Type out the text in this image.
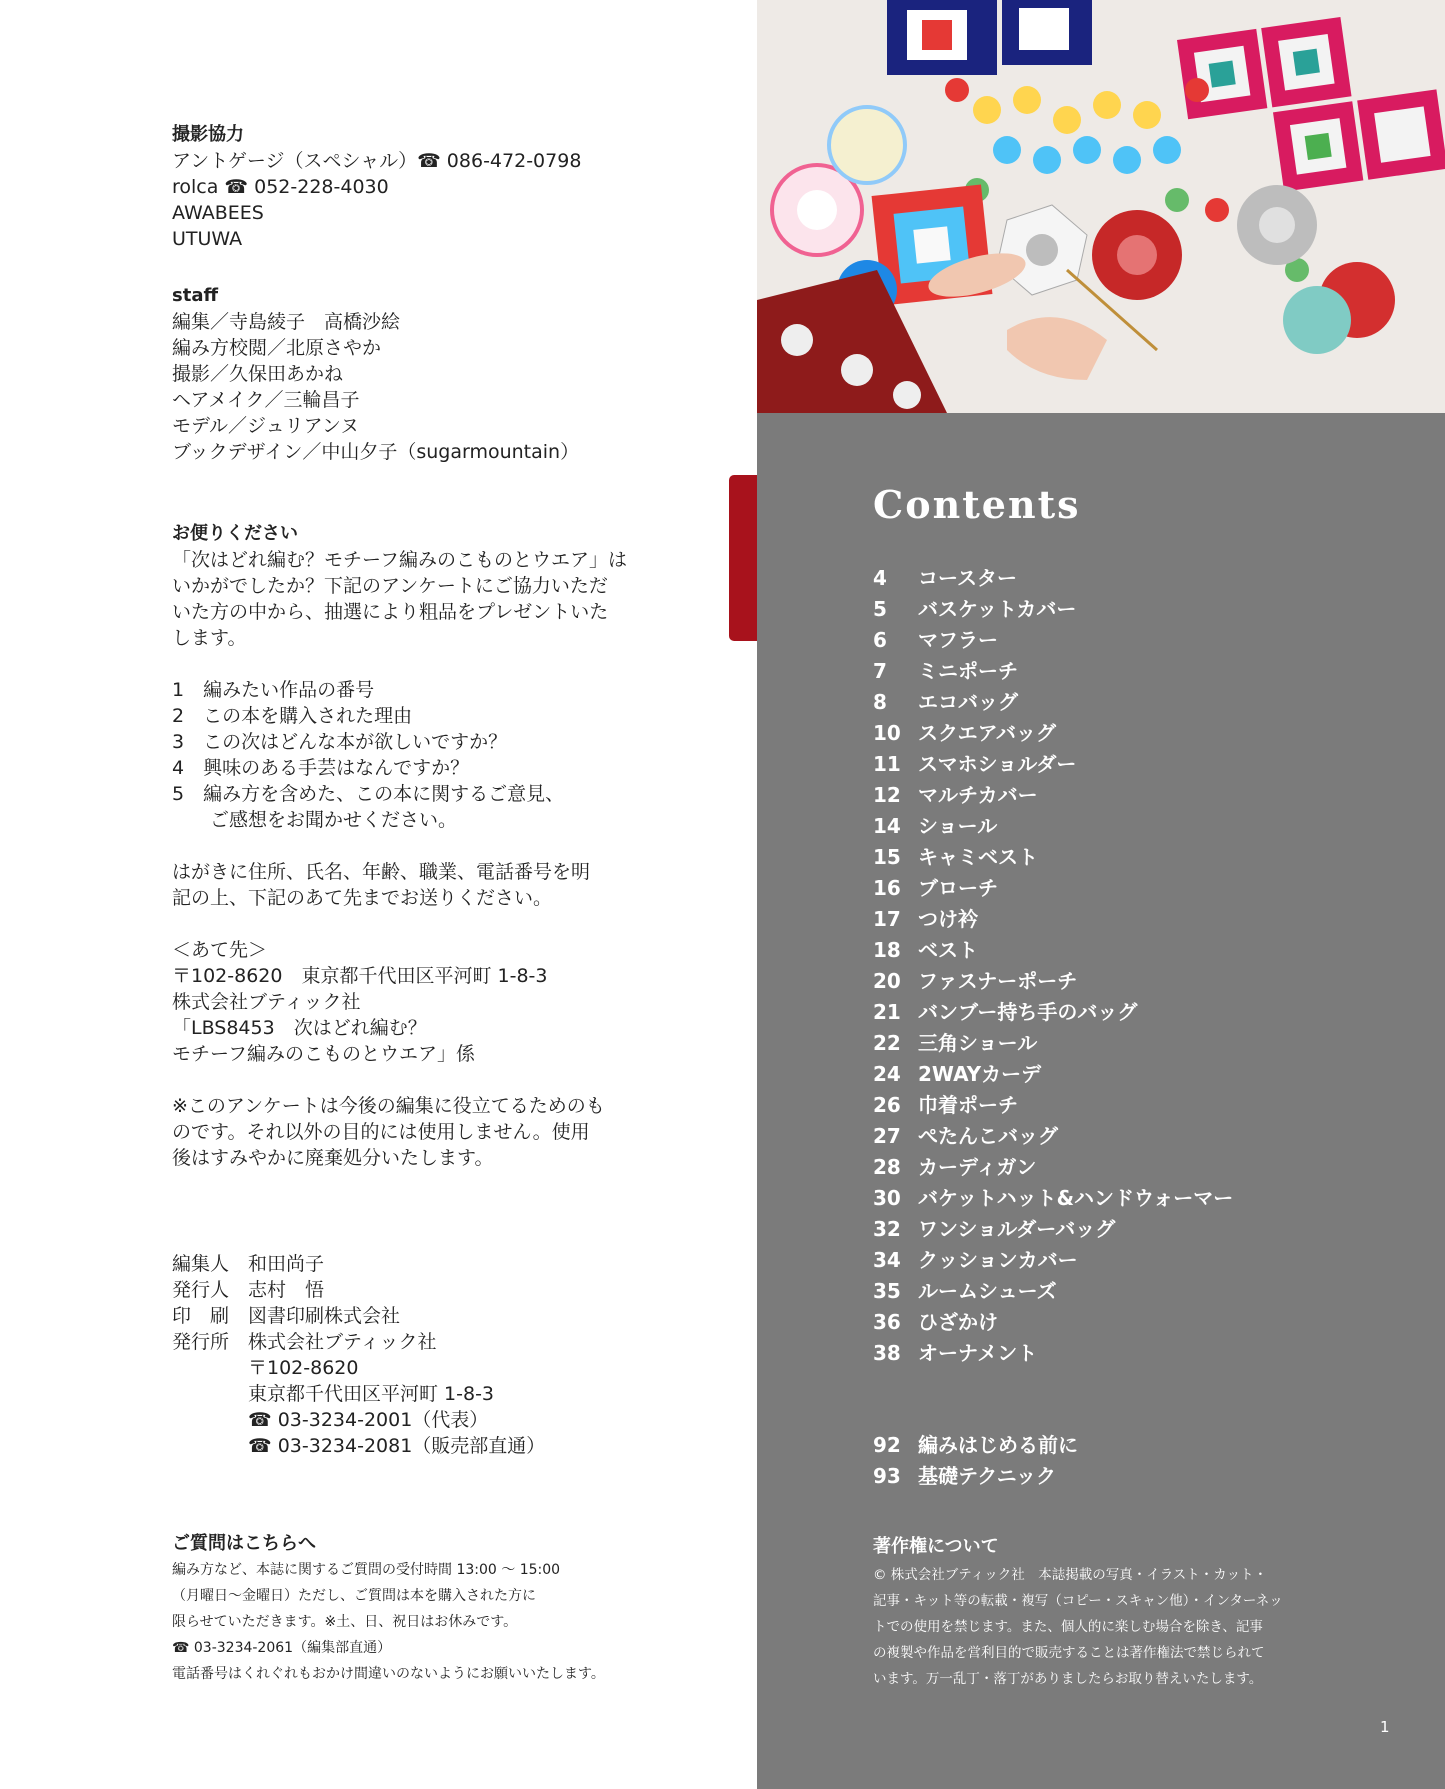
撮影協力

アントゲージ（スペシャル）☎ 086-472-0798

rolca ☎ 052-228-4030

AWABEES

UTUWA

staff

編集／寺島綾子　高橋沙絵

編み方校閲／北原さやか

撮影／久保田あかね

ヘアメイク／三輪昌子

モデル／ジュリアンヌ

ブックデザイン／中山夕子（sugarmountain）

お便りください

「次はどれ編む？モチーフ編みのこものとウエア」は

いかがでしたか？下記のアンケートにご協力いただ

いた方の中から、抽選により粗品をプレゼントいた

します。

1　編みたい作品の番号

2　この本を購入された理由

3　この次はどんな本が欲しいですか？

4　興味のある手芸はなんですか？

5　編み方を含めた、この本に関するご意見、

　　ご感想をお聞かせください。

はがきに住所、氏名、年齢、職業、電話番号を明

記の上、下記のあて先までお送りください。

＜あて先＞

〒102-8620　東京都千代田区平河町 1-8-3

株式会社ブティック社

「LBS8453　次はどれ編む？

モチーフ編みのこものとウエア」係

※このアンケートは今後の編集に役立てるためのも

のです。それ以外の目的には使用しません。使用

後はすみやかに廃棄処分いたします。

編集人　和田尚子

発行人　志村　悟

印　刷　図書印刷株式会社

発行所　株式会社ブティック社

　　　　〒102-8620

　　　　東京都千代田区平河町 1-8-3

　　　　☎ 03-3234-2001（代表）

　　　　☎ 03-3234-2081（販売部直通）

ご質問はこちらへ

編み方など、本誌に関するご質問の受付時間 13:00 ～ 15:00

（月曜日～金曜日）ただし、ご質問は本を購入された方に

限らせていただきます。※土、日、祝日はお休みです。

☎ 03-3234-2061（編集部直通）

電話番号はくれぐれもおかけ間違いのないようにお願いいたします。

Contents
4 コースター
5 バスケットカバー
6 マフラー
7 ミニポーチ
8 エコバッグ
10 スクエアバッグ
11 スマホショルダー
12 マルチカバー
14 ショール
15 キャミベスト
16 ブローチ
17 つけ衿
18 ベスト
20 ファスナーポーチ
21 バンブー持ち手のバッグ
22 三角ショール
24 2WAYカーデ
26 巾着ポーチ
27 ぺたんこバッグ
28 カーディガン
30 バケットハット&ハンドウォーマー
32 ワンショルダーバッグ
34 クッションカバー
35 ルームシューズ
36 ひざかけ
38 オーナメント
92 編みはじめる前に
93 基礎テクニック

著作権について

© 株式会社ブティック社　本誌掲載の写真・イラスト・カット・
記事・キット等の転載・複写（コピー・スキャン他）・インターネッ
トでの使用を禁じます。また、個人的に楽しむ場合を除き、記事
の複製や作品を営利目的で販売することは著作権法で禁じられて
います。万一乱丁・落丁がありましたらお取り替えいたします。
1
